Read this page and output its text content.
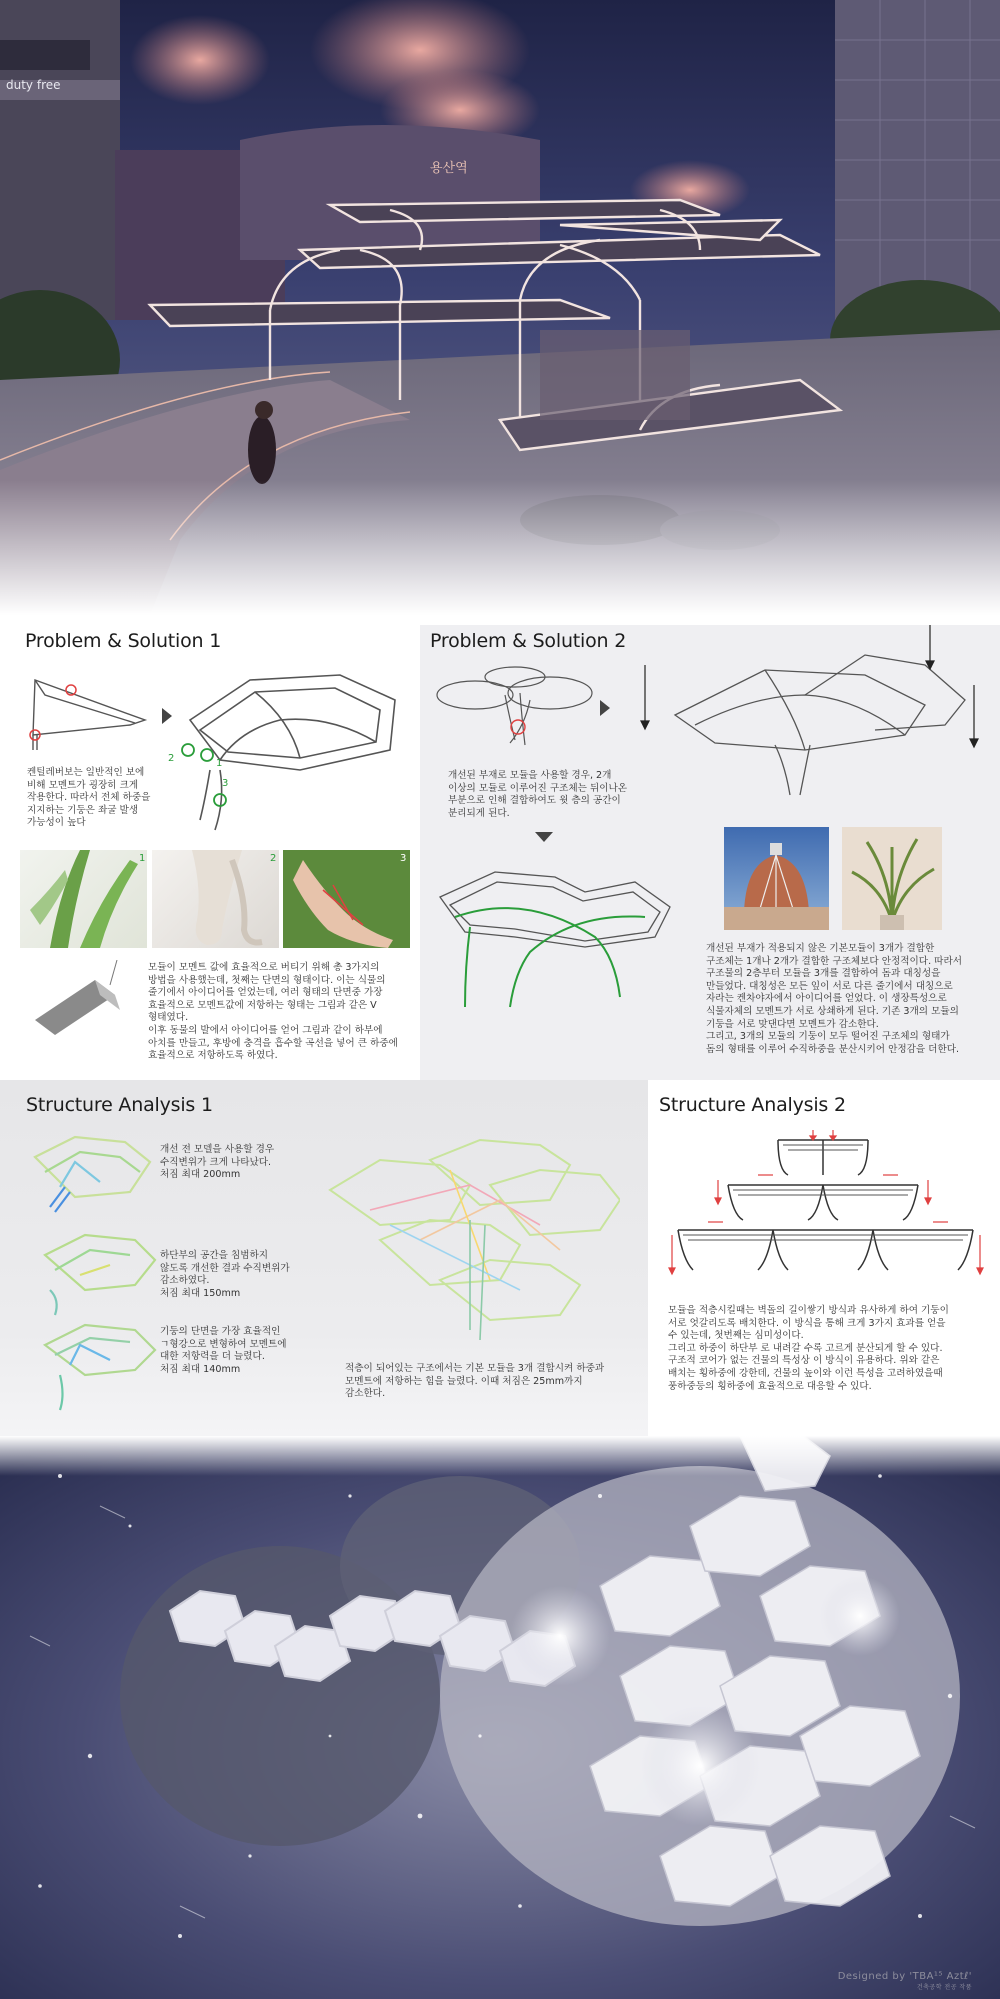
duty free
용산역
Problem & Solution 1
2	1
3
켄틸레버보는 일반적인 보에
비해 모멘트가 굉장히 크게
작용한다. 따라서 전체 하중을
지지하는 기둥은 좌굴 발생
가능성이 높다
1	2	3
모듈이 모멘트 값에 효율적으로 버티기 위해 총 3가지의
방법을 사용했는데, 첫째는 단면의 형태이다. 이는 식물의
줄기에서 아이디어를 얻었는데, 여러 형태의 단면중 가장
효율적으로 모멘트값에 저항하는 형태는 그림과 같은 V
형태였다.
이후 동물의 발에서 아이디어를 얻어 그림과 같이 하부에
아치를 만들고, 후방에 충격을 흡수할 곡선을 넣어 큰 하중에
효율적으로 저항하도록 하였다.
Problem & Solution 2
개선된 부재로 모듈을 사용할 경우, 2개
이상의 모듈로 이루어진 구조체는 뒤이나온
부분으로 인해 결합하여도 윗 층의 공간이
분리되게 된다.
개선된 부재가 적용되지 않은 기본모듈이 3개가 결합한
구조체는 1개나 2개가 결합한 구조체보다 안정적이다. 따라서
구조물의 2층부터 모듈을 3개를 결합하여 돔과 대칭성을
만들었다. 대칭성은 모든 잎이 서로 다른 줄기에서 대칭으로
자라는 켄차야자에서 아이디어를 얻었다. 이 생장특성으로
식물자체의 모멘트가 서로 상쇄하게 된다. 기존 3개의 모듈의
기둥을 서로 맞댄다면 모멘트가 감소한다.
그리고, 3개의 모듈의 기둥이 모두 떨어진 구조체의 형태가
돔의 형태를 이루어 수직하중을 분산시키어 안정감을 더한다.
Structure Analysis 1
개선 전 모델을 사용할 경우
수직변위가 크게 나타났다.
처짐 최대 200mm
하단부의 공간을 침범하지
않도록 개선한 결과 수직변위가
감소하였다.
처짐 최대 150mm
기둥의 단면을 가장 효율적인
ㄱ형강으로 변형하여 모멘트에
대한 저항력을 더 늘렸다.
처짐 최대 140mm	적층이 되어있는 구조에서는 기본 모듈을 3개 결합시켜 하중과
모멘트에 저항하는 힘을 늘렸다. 이때 처짐은 25mm까지
감소한다.
Structure Analysis 2
모듈을 적층시킬때는 벽돌의 길이쌓기 방식과 유사하게 하여 기둥이
서로 엇갈리도록 배치한다. 이 방식을 통해 크게 3가지 효과를 얻을
수 있는데, 첫번째는 심미성이다.
그리고 하중이 하단부 로 내려갈 수록 고르게 분산되게 할 수 있다.
구조적 코어가 없는 건물의 특성상 이 방식이 유용하다. 위와 같은
배치는 횡하중에 강한데, 건물의 높이와 이런 특성을 고려하였을때
풍하중등의 횡하중에 효율적으로 대응할 수 있다.
Designed by 'TBA¹⁵ Aztℓ'
건축공학 전공 작품
